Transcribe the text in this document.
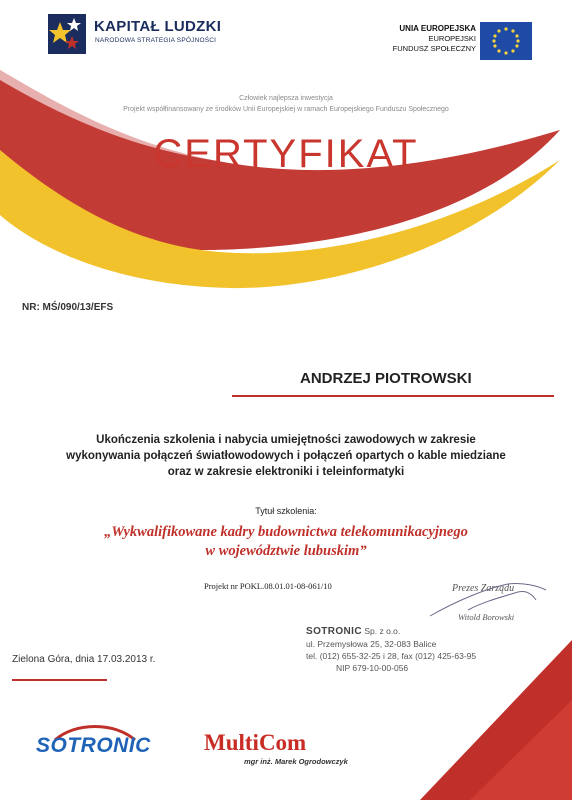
KAPITAŁ LUDZKI
NARODOWA STRATEGIA SPÓJNOŚCI
UNIA EUROPEJSKA
EUROPEJSKI
FUNDUSZ SPOŁECZNY
Człowiek najlepsza inwestycja
Projekt współfinansowany ze środków Unii Europejskiej w ramach Europejskiego Funduszu Społecznego
CERTYFIKAT
NR: MŚ/090/13/EFS
ANDRZEJ PIOTROWSKI
Ukończenia szkolenia i nabycia umiejętności zawodowych w zakresie
wykonywania połączeń światłowodowych i połączeń opartych o kable miedziane
oraz w zakresie elektroniki i teleinformatyki
Tytuł szkolenia:
„Wykwalifikowane kadry budownictwa telekomunikacyjnego
w województwie lubuskim”
Projekt nr POKL.08.01.01-08-061/10	Prezes Zarządu
Witold Borowski
SOTRONIC Sp. z o.o.
ul. Przemysłowa 25, 32-083 Balice
tel. (012) 655-32-25 i 28, fax (012) 425-63-95
NIP 679-10-00-056
Zielona Góra, dnia 17.03.2013 r.
SOTRONIC MultiCom
mgr inż. Marek Ogrodowczyk
